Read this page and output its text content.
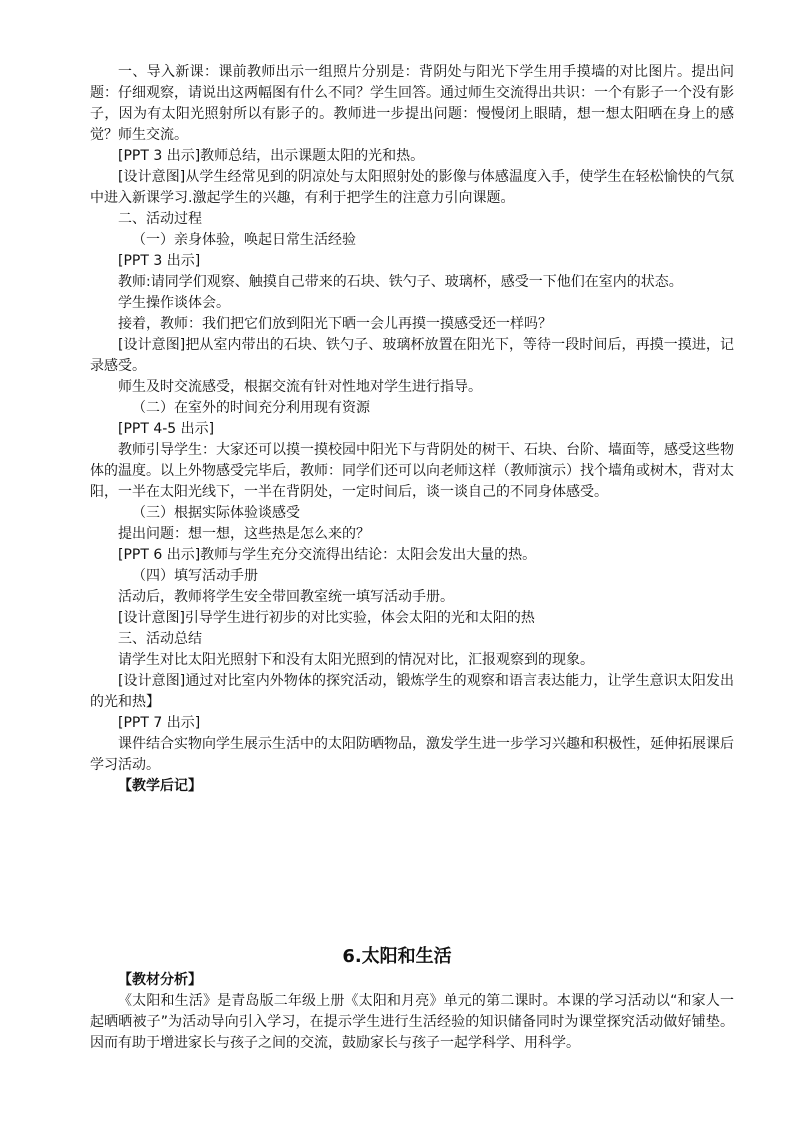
一、导入新课：课前教师出示一组照片分别是：背阴处与阳光下学生用手摸墙的对比图片。提出问题：仔细观察，请说出这两幅图有什么不同？学生回答。通过师生交流得出共识：一个有影子一个没有影子，因为有太阳光照射所以有影子的。教师进一步提出问题：慢慢闭上眼睛，想一想太阳晒在身上的感觉？师生交流。

[PPT 3 出示]教师总结，出示课题太阳的光和热。

[设计意图]从学生经常见到的阴凉处与太阳照射处的影像与体感温度入手，使学生在轻松愉快的气氛中进入新课学习.激起学生的兴趣，有利于把学生的注意力引向课题。

二、活动过程

（一）亲身体验，唤起日常生活经验

[PPT 3 出示]

教师:请同学们观察、触摸自己带来的石块、铁勺子、玻璃杯，感受一下他们在室内的状态。

学生操作谈体会。

接着，教师：我们把它们放到阳光下晒一会儿再摸一摸感受还一样吗？

[设计意图]把从室内带出的石块、铁勺子、玻璃杯放置在阳光下，等待一段时间后，再摸一摸进，记录感受。

师生及时交流感受，根据交流有针对性地对学生进行指导。

（二）在室外的时间充分利用现有资源

[PPT 4-5 出示]

教师引导学生：大家还可以摸一摸校园中阳光下与背阴处的树干、石块、台阶、墙面等，感受这些物体的温度。以上外物感受完毕后，教师：同学们还可以向老师这样（教师演示）找个墙角或树木，背对太阳，一半在太阳光线下，一半在背阴处，一定时间后，谈一谈自己的不同身体感受。

（三）根据实际体验谈感受

提出问题：想一想，这些热是怎么来的？

[PPT 6 出示]教师与学生充分交流得出结论：太阳会发出大量的热。

（四）填写活动手册

活动后，教师将学生安全带回教室统一填写活动手册。

[设计意图]引导学生进行初步的对比实验，体会太阳的光和太阳的热

三、活动总结

请学生对比太阳光照射下和没有太阳光照到的情况对比，汇报观察到的现象。

[设计意图]通过对比室内外物体的探究活动，锻炼学生的观察和语言表达能力，让学生意识太阳发出的光和热】

[PPT 7 出示]

课件结合实物向学生展示生活中的太阳防晒物品，激发学生进一步学习兴趣和积极性，延伸拓展课后学习活动。

【教学后记】

6.太阳和生活

【教材分析】

《太阳和生活》是青岛版二年级上册《太阳和月亮》单元的第二课时。本课的学习活动以“和家人一起晒晒被子”为活动导向引入学习，在提示学生进行生活经验的知识储备同时为课堂探究活动做好铺垫。因而有助于增进家长与孩子之间的交流，鼓励家长与孩子一起学科学、用科学。
